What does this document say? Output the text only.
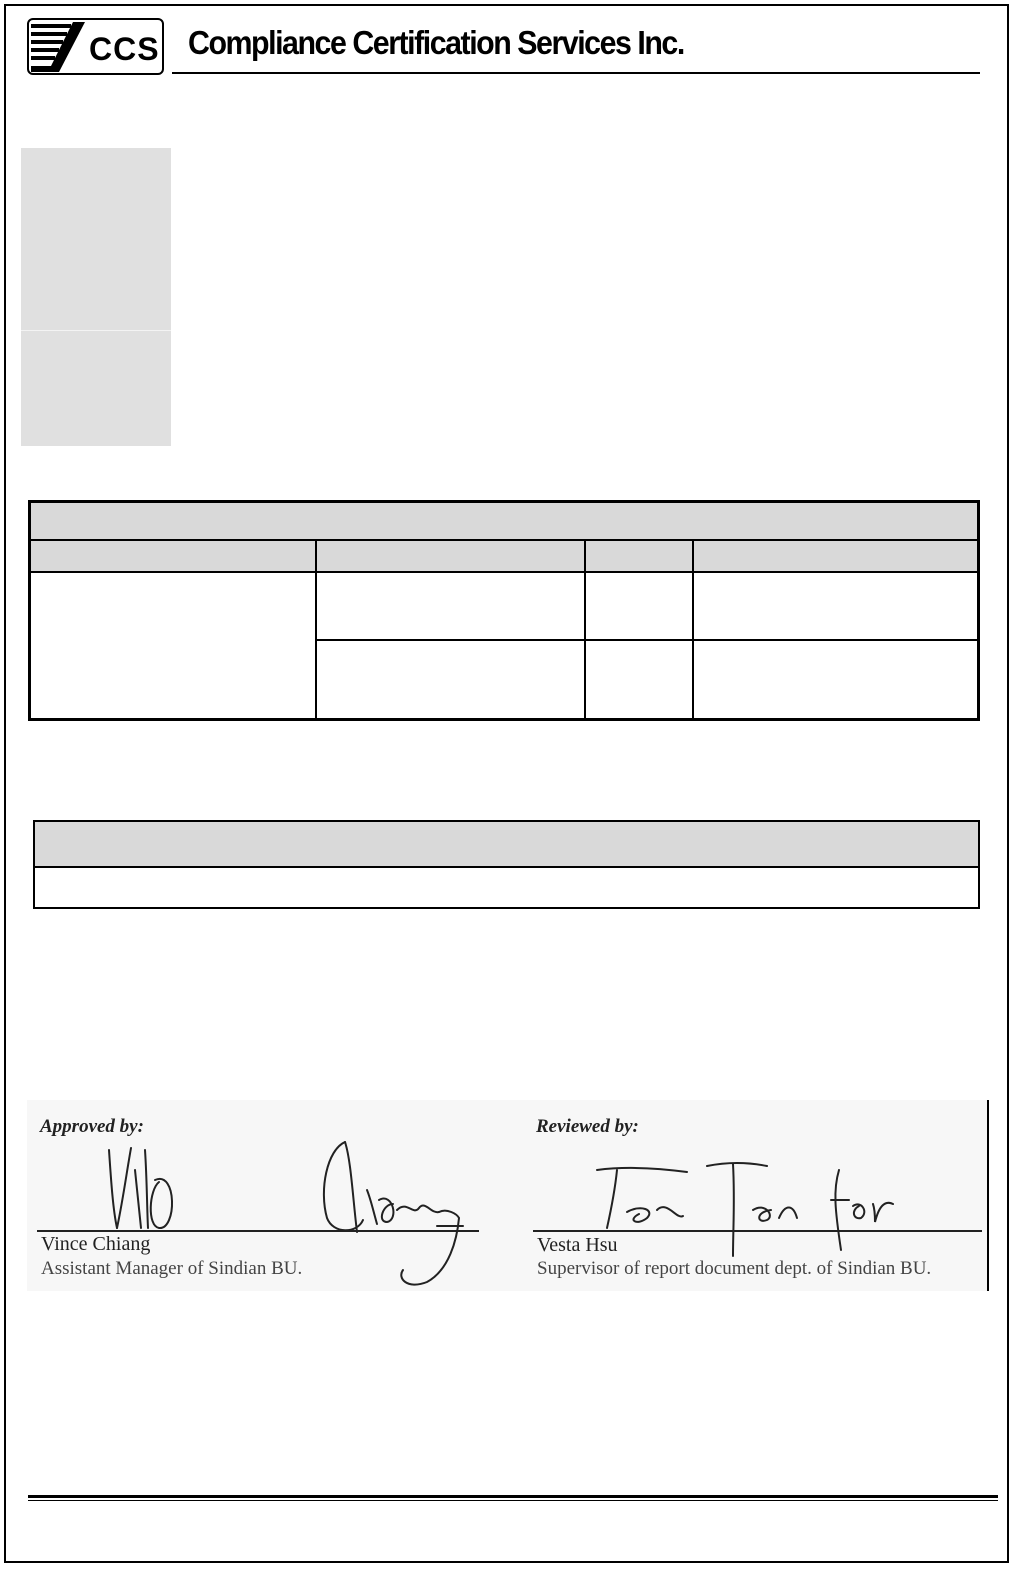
CCS Compliance Certification Services Inc.
Approved by:	Reviewed by:
Vince Chiang
Assistant Manager of Sindian BU.
Vesta Hsu
Supervisor of report document dept. of Sindian BU.
